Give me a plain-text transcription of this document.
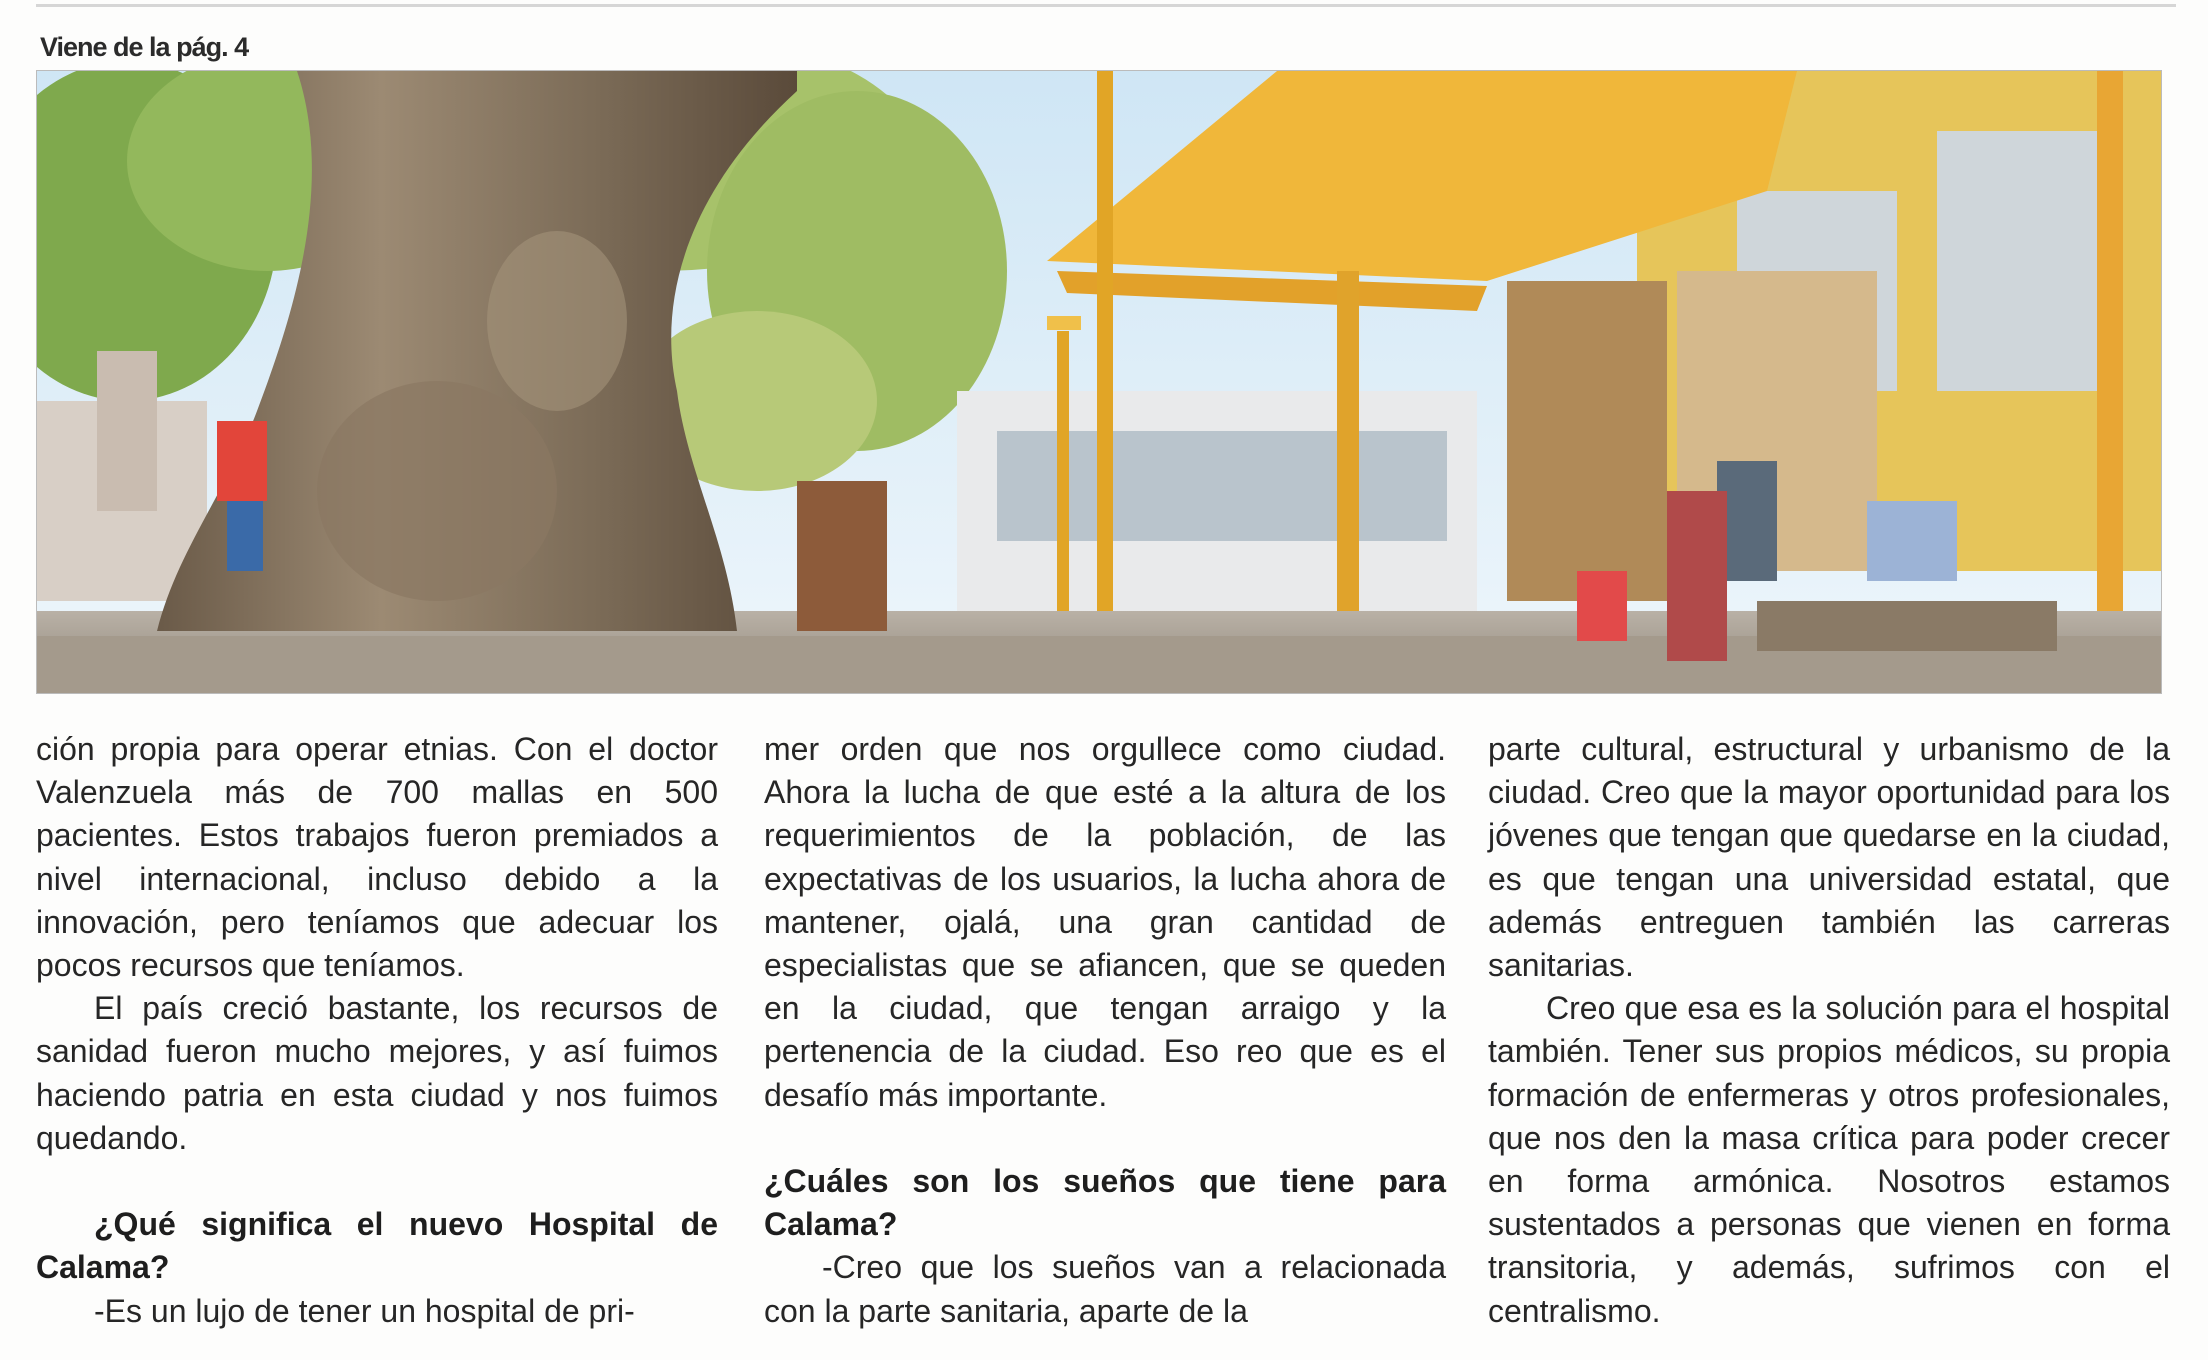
Viene de la pág. 4

ción propia para operar etnias. Con el doctor Valenzuela más de 700 mallas en 500 pacientes. Estos trabajos fueron premiados a nivel internacional, incluso debido a la innovación, pero teníamos que adecuar los pocos recursos que teníamos.

El país creció bastante, los recursos de sanidad fueron mucho mejores, y así fuimos haciendo patria en esta ciudad y nos fuimos quedando.

¿Qué significa el nuevo Hospital de Calama?

-Es un lujo de tener un hospital de pri-

mer orden que nos orgullece como ciudad. Ahora la lucha de que esté a la altura de los requerimientos de la población, de las expectativas de los usuarios, la lucha ahora de mantener, ojalá, una gran cantidad de especialistas que se afiancen, que se queden en la ciudad, que tengan arraigo y la pertenencia de la ciudad. Eso reo que es el desafío más importante.

¿Cuáles son los sueños que tiene para Calama?

-Creo que los sueños van a relacionada con la parte sanitaria, aparte de la

parte cultural, estructural y urbanismo de la ciudad. Creo que la mayor oportunidad para los jóvenes que tengan que quedarse en la ciudad, es que tengan una universidad estatal, que además entreguen también las carreras sanitarias.

Creo que esa es la solución para el hospital también. Tener sus propios médicos, su propia formación de enfermeras y otros profesionales, que nos den la masa crítica para poder crecer en forma armónica. Nosotros estamos sustentados a personas que vienen en forma transitoria, y además, sufrimos con el centralismo.
